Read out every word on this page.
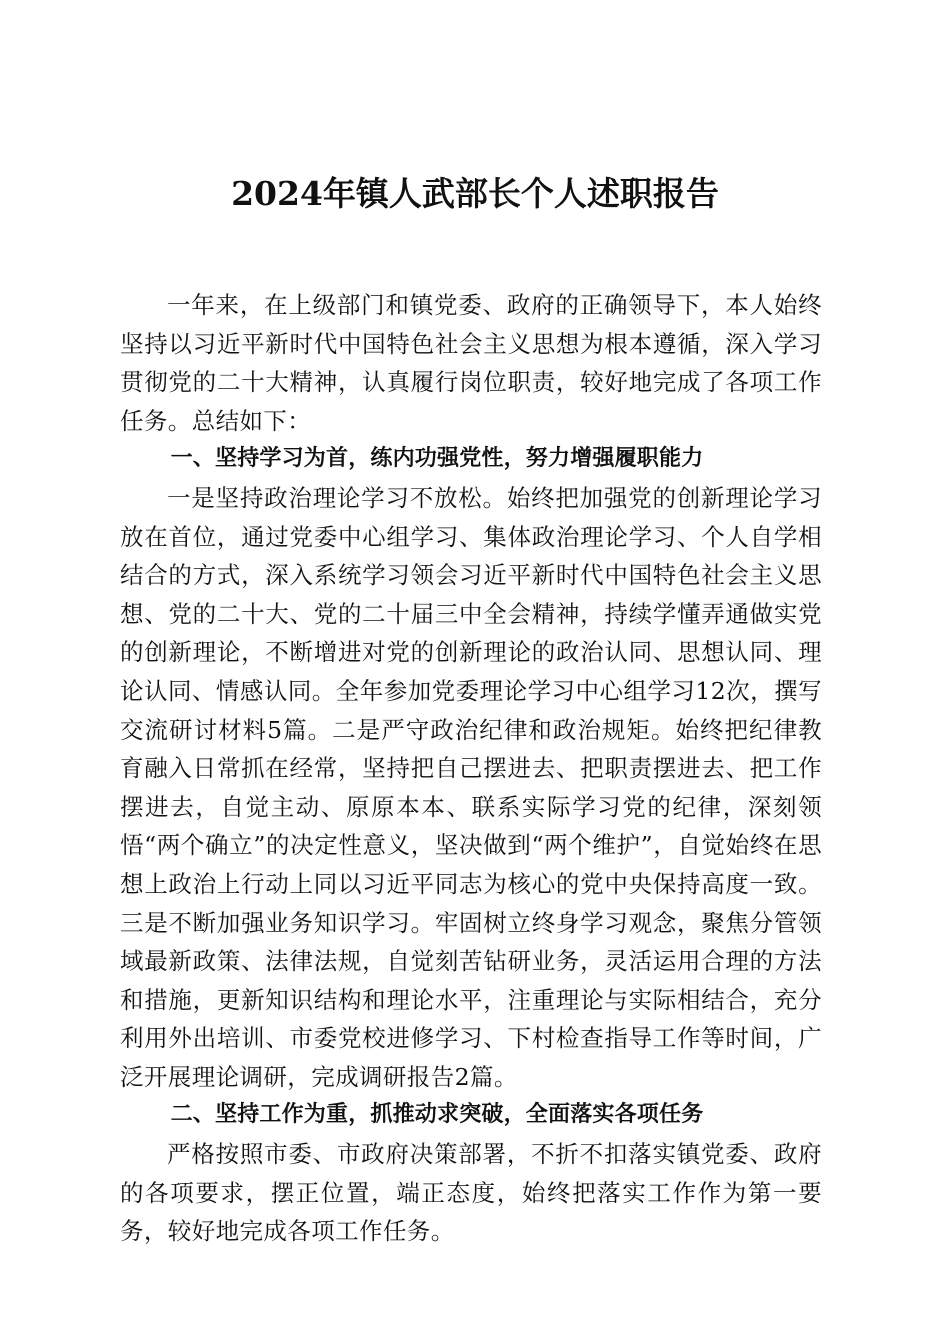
2024年镇人武部长个人述职报告

一年来，在上级部门和镇党委、政府的正确领导下，本人始终坚持以习近平新时代中国特色社会主义思想为根本遵循，深入学习贯彻党的二十大精神，认真履行岗位职责，较好地完成了各项工作任务。总结如下：

一、坚持学习为首，练内功强党性，努力增强履职能力

一是坚持政治理论学习不放松。始终把加强党的创新理论学习放在首位，通过党委中心组学习、集体政治理论学习、个人自学相结合的方式，深入系统学习领会习近平新时代中国特色社会主义思想、党的二十大、党的二十届三中全会精神，持续学懂弄通做实党的创新理论，不断增进对党的创新理论的政治认同、思想认同、理论认同、情感认同。全年参加党委理论学习中心组学习12次，撰写交流研讨材料5篇。二是严守政治纪律和政治规矩。始终把纪律教育融入日常抓在经常，坚持把自己摆进去、把职责摆进去、把工作摆进去，自觉主动、原原本本、联系实际学习党的纪律，深刻领悟“两个确立”的决定性意义，坚决做到“两个维护”，自觉始终在思想上政治上行动上同以习近平同志为核心的党中央保持高度一致。三是不断加强业务知识学习。牢固树立终身学习观念，聚焦分管领域最新政策、法律法规，自觉刻苦钻研业务，灵活运用合理的方法和措施，更新知识结构和理论水平，注重理论与实际相结合，充分利用外出培训、市委党校进修学习、下村检查指导工作等时间，广泛开展理论调研，完成调研报告2篇。

二、坚持工作为重，抓推动求突破，全面落实各项任务

严格按照市委、市政府决策部署，不折不扣落实镇党委、政府的各项要求，摆正位置，端正态度，始终把落实工作作为第一要务，较好地完成各项工作任务。
